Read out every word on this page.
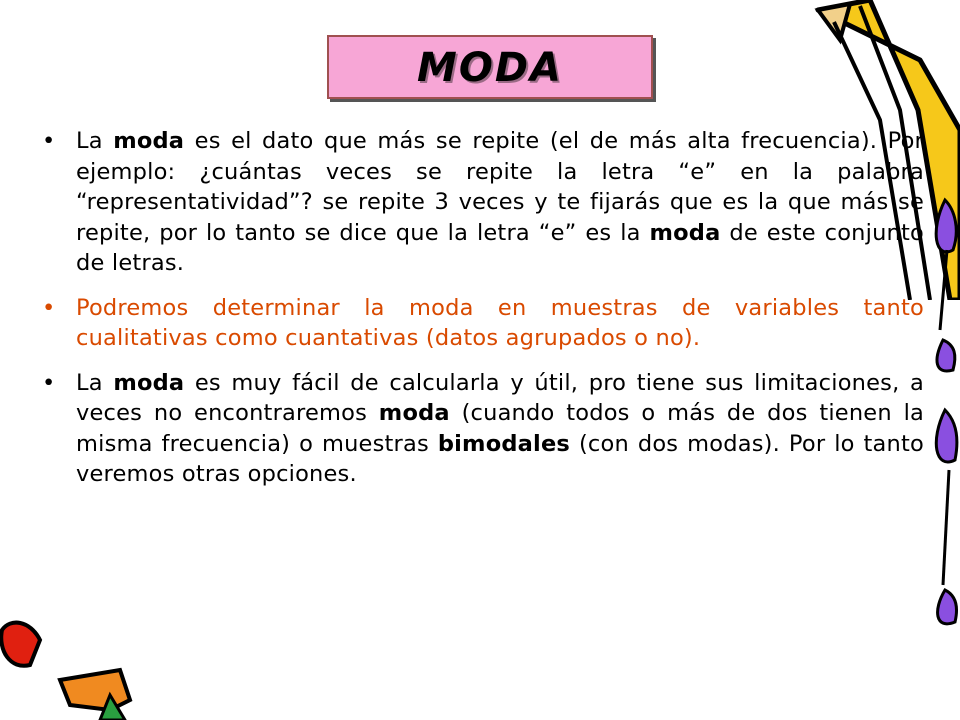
MODA
• La moda es el dato que más se repite (el de más alta frecuencia). Por ejemplo: ¿cuántas veces se repite la letra “e” en la palabra “representatividad”? se repite 3 veces y te fijarás que es la que más se repite, por lo tanto se dice que la letra “e” es la moda de este conjunto de letras.
• Podremos determinar la moda en muestras de variables tanto cualitativas como cuantativas (datos agrupados o no).
• La moda es muy fácil de calcularla y útil, pro tiene sus limitaciones, a veces no encontraremos moda (cuando todos o más de dos tienen la misma frecuencia) o muestras bimodales (con dos modas). Por lo tanto veremos otras opciones.
